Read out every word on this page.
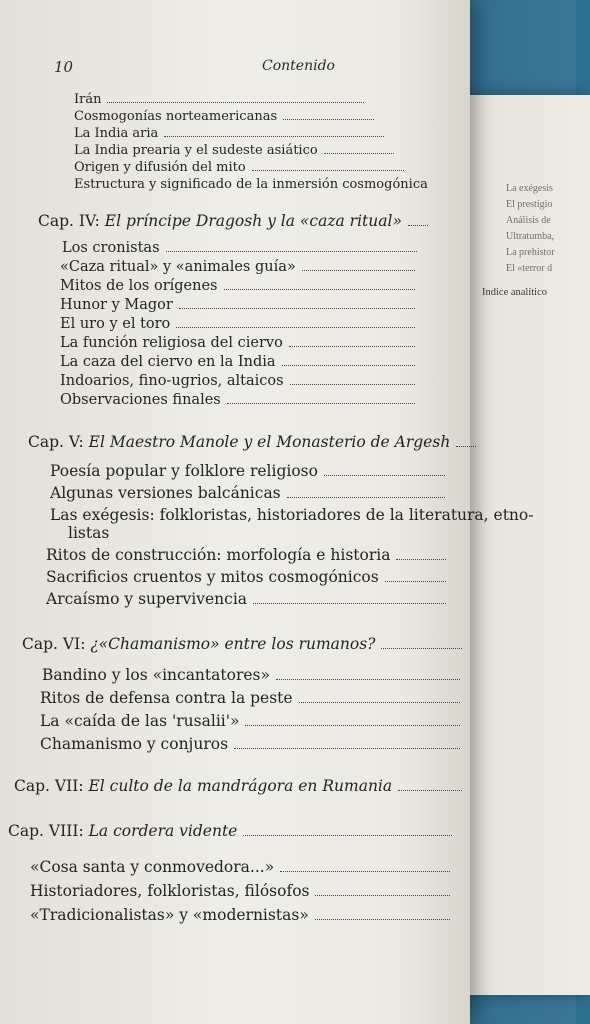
La exégesis
El prestigio
Análisis de
Ultratumba,
La prehistor
El «terror d
Indice analítico
10	Contenido
Irán
Cosmogonías norteamericanas
La India aria
La India prearia y el sudeste asiático
Origen y difusión del mito
Estructura y significado de la inmersión cosmogónica
Cap. IV: El príncipe Dragosh y la «caza ritual»
Los cronistas
«Caza ritual» y «animales guía»
Mitos de los orígenes
Hunor y Magor
El uro y el toro
La función religiosa del ciervo
La caza del ciervo en la India
Indoarios, fino-ugrios, altaicos
Observaciones finales
Cap. V: El Maestro Manole y el Monasterio de Argesh
Poesía popular y folklore religioso
Algunas versiones balcánicas
Las exégesis: folkloristas, historiadores de la literatura, etno-
listas
Ritos de construcción: morfología e historia
Sacrificios cruentos y mitos cosmogónicos
Arcaísmo y supervivencia
Cap. VI: ¿«Chamanismo» entre los rumanos?
Bandino y los «incantatores»
Ritos de defensa contra la peste
La «caída de las 'rusalii'»
Chamanismo y conjuros
Cap. VII: El culto de la mandrágora en Rumania
Cap. VIII: La cordera vidente
«Cosa santa y conmovedora...»
Historiadores, folkloristas, filósofos
«Tradicionalistas» y «modernistas»
